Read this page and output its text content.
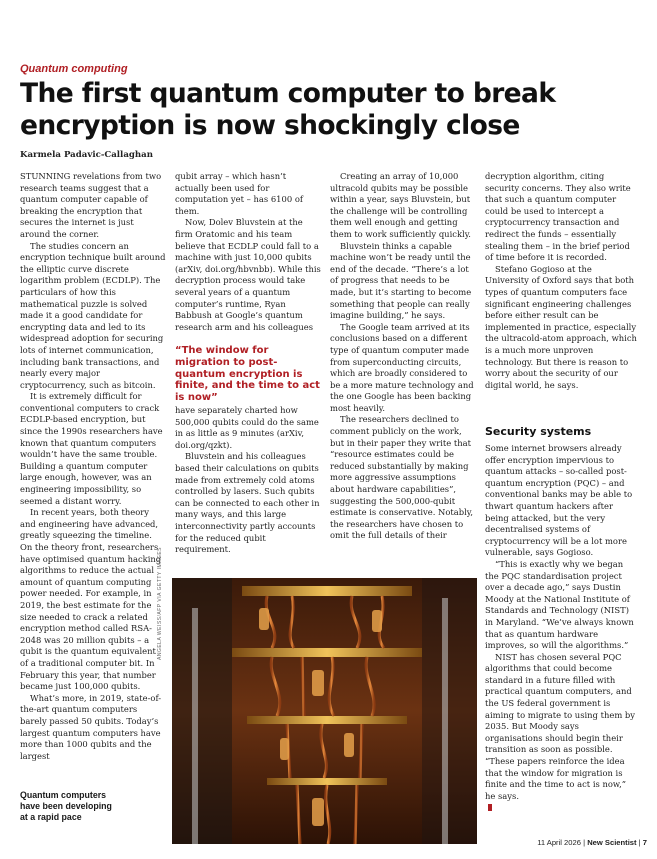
Quantum computing
The first quantum computer to break encryption is now shockingly close
Karmela Padavic-Callaghan

STUNNING revelations from two research teams suggest that a quantum computer capable of breaking the encryption that secures the internet is just around the corner.

The studies concern an encryption technique built around the elliptic curve discrete logarithm problem (ECDLP). The particulars of how this mathematical puzzle is solved made it a good candidate for encrypting data and led to its widespread adoption for securing lots of internet communication, including bank transactions, and nearly every major cryptocurrency, such as bitcoin.

It is extremely difficult for conventional computers to crack ECDLP-based encryption, but since the 1990s researchers have known that quantum computers wouldn’t have the same trouble. Building a quantum computer large enough, however, was an engineering impossibility, so seemed a distant worry.

In recent years, both theory and engineering have advanced, greatly squeezing the timeline. On the theory front, researchers have optimised quantum hacking algorithms to reduce the actual amount of quantum computing power needed. For example, in 2019, the best estimate for the size needed to crack a related encryption method called RSA-2048 was 20 million qubits – a qubit is the quantum equivalent of a traditional computer bit. In February this year, that number became just 100,000 qubits.

What’s more, in 2019, state-of-the-art quantum computers barely passed 50 qubits. Today’s largest quantum computers have more than 1000 qubits and the largest

qubit array – which hasn’t actually been used for computation yet – has 6100 of them.

Now, Dolev Bluvstein at the firm Oratomic and his team believe that ECDLP could fall to a machine with just 10,000 qubits (arXiv, doi.org/hbvnbb). While this decryption process would take several years of a quantum computer’s runtime, Ryan Babbush at Google’s quantum research arm and his colleagues

“The window for migration to post-quantum encryption is finite, and the time to act is now”

have separately charted how 500,000 qubits could do the same in as little as 9 minutes (arXiv, doi.org/qzkt).

Bluvstein and his colleagues based their calculations on qubits made from extremely cold atoms controlled by lasers. Such qubits can be connected to each other in many ways, and this large interconnectivity partly accounts for the reduced qubit requirement.

Creating an array of 10,000 ultracold qubits may be possible within a year, says Bluvstein, but the challenge will be controlling them well enough and getting them to work sufficiently quickly.

Bluvstein thinks a capable machine won’t be ready until the end of the decade. “There’s a lot of progress that needs to be made, but it’s starting to become something that people can really imagine building,” he says.

The Google team arrived at its conclusions based on a different type of quantum computer made from superconducting circuits, which are broadly considered to be a more mature technology and the one Google has been backing most heavily.

The researchers declined to comment publicly on the work, but in their paper they write that “resource estimates could be reduced substantially by making more aggressive assumptions about hardware capabilities”, suggesting the 500,000-qubit estimate is conservative. Notably, the researchers have chosen to omit the full details of their

decryption algorithm, citing security concerns. They also write that such a quantum computer could be used to intercept a cryptocurrency transaction and redirect the funds – essentially stealing them – in the brief period of time before it is recorded.

Stefano Gogioso at the University of Oxford says that both types of quantum computers face significant engineering challenges before either result can be implemented in practice, especially the ultracold-atom approach, which is a much more unproven technology. But there is reason to worry about the security of our digital world, he says.

Security systems

Some internet browsers already offer encryption impervious to quantum attacks – so-called post-quantum encryption (PQC) – and conventional banks may be able to thwart quantum hackers after being attacked, but the very decentralised systems of cryptocurrency will be a lot more vulnerable, says Gogioso.

“This is exactly why we began the PQC standardisation project over a decade ago,” says Dustin Moody at the National Institute of Standards and Technology (NIST) in Maryland. “We’ve always known that as quantum hardware improves, so will the algorithms.”

NIST has chosen several PQC algorithms that could become standard in a future filled with practical quantum computers, and the US federal government is aiming to migrate to using them by 2035. But Moody says organisations should begin their transition as soon as possible. “These papers reinforce the idea that the window for migration is finite and the time to act is now,” he says.

ANGELA WEISS/AFP VIA GETTY IMAGES
Quantum computers have been developing at a rapid pace
11 April 2026 | New Scientist | 7
